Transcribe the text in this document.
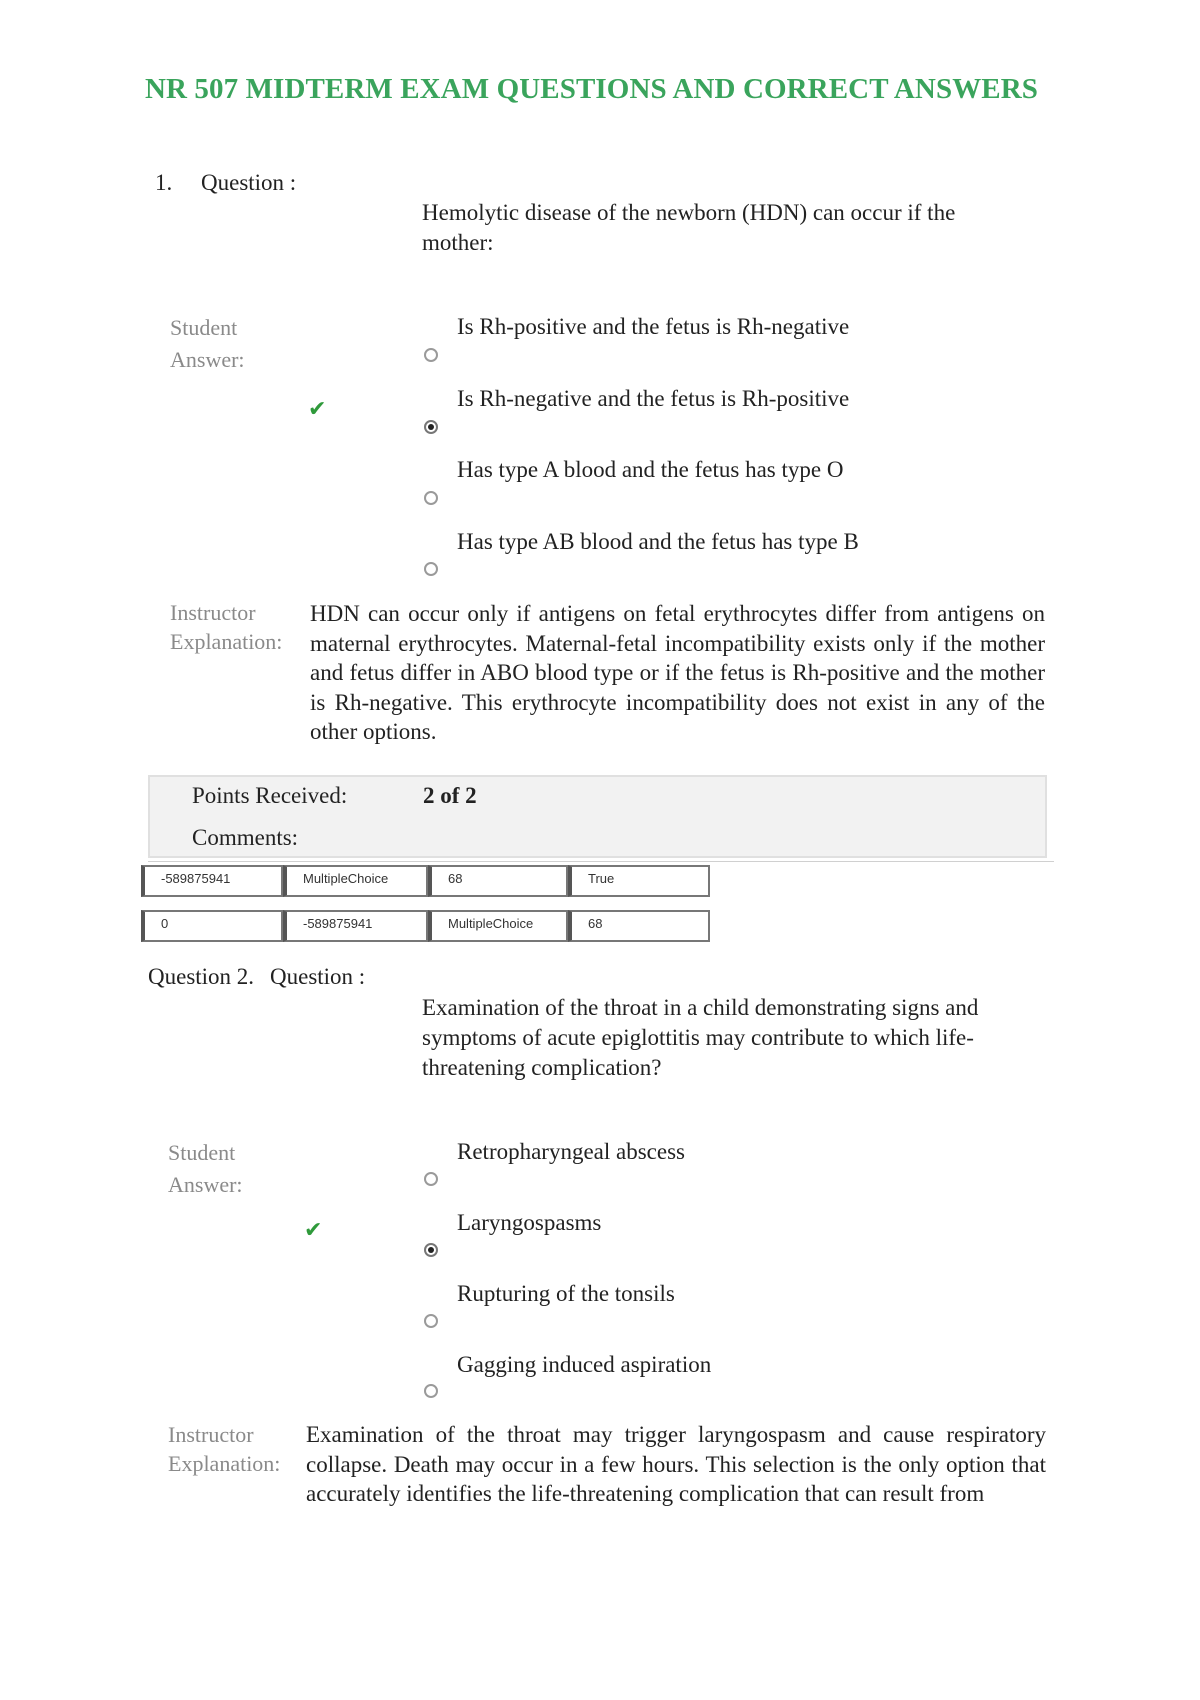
NR 507 MIDTERM EXAM QUESTIONS AND CORRECT ANSWERS
1. Question :
Hemolytic disease of the newborn (HDN) can occur if the mother:
Student Answer:
✔
Is Rh-positive and the fetus is Rh-negative
Is Rh-negative and the fetus is Rh-positive
Has type A blood and the fetus has type O
Has type AB blood and the fetus has type B
Instructor Explanation:
HDN can occur only if antigens on fetal erythrocytes differ from antigens on maternal erythrocytes. Maternal-fetal incompatibility exists only if the mother and fetus differ in ABO blood type or if the fetus is Rh-positive and the mother is Rh-negative. This erythrocyte incompatibility does not exist in any of the other options.
Points Received:	2 of 2
Comments:
-589875941	MultipleChoice	68	True
0	-589875941	MultipleChoice	68
Question 2. Question :
Examination of the throat in a child demonstrating signs and symptoms of acute epiglottitis may contribute to which life-threatening complication?
Student Answer:
✔
Retropharyngeal abscess
Laryngospasms
Rupturing of the tonsils
Gagging induced aspiration
Instructor Explanation:
Examination of the throat may trigger laryngospasm and cause respiratory collapse. Death may occur in a few hours. This selection is the only option that accurately identifies the life-threatening complication that can result from
